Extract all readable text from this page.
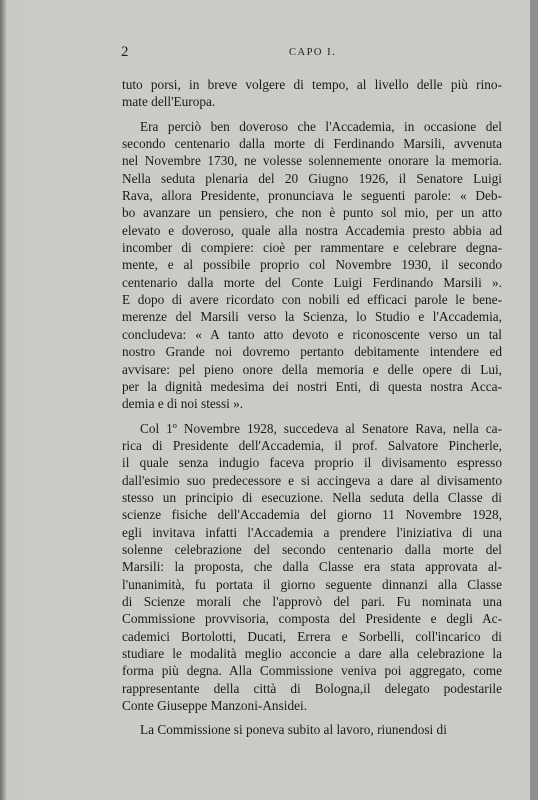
2	CAPO I.
tuto porsi, in breve volgere di tempo, al livello delle più rino-
mate dell'Europa.
Era perciò ben doveroso che l'Accademia, in occasione del
secondo centenario dalla morte di Ferdinando Marsili, avvenuta
nel Novembre 1730, ne volesse solennemente onorare la memoria.
Nella seduta plenaria del 20 Giugno 1926, il Senatore Luigi
Rava, allora Presidente, pronunciava le seguenti parole: « Deb-
bo avanzare un pensiero, che non è punto sol mio, per un atto
elevato e doveroso, quale alla nostra Accademia presto abbia ad
incomber di compiere: cioè per rammentare e celebrare degna-
mente, e al possibile proprio col Novembre 1930, il secondo
centenario dalla morte del Conte Luigi Ferdinando Marsili ».
E dopo di avere ricordato con nobili ed efficaci parole le bene-
merenze del Marsili verso la Scienza, lo Studio e l'Accademia,
concludeva: « A tanto atto devoto e riconoscente verso un tal
nostro Grande noi dovremo pertanto debitamente intendere ed
avvisare: pel pieno onore della memoria e delle opere di Lui,
per la dignità medesima dei nostri Enti, di questa nostra Acca-
demia e di noi stessi ».
Col 1º Novembre 1928, succedeva al Senatore Rava, nella ca-
rica di Presidente dell'Accademia, il prof. Salvatore Pincherle,
il quale senza indugio faceva proprio il divisamento espresso
dall'esimio suo predecessore e si accingeva a dare al divisamento
stesso un principio di esecuzione. Nella seduta della Classe di
scienze fisiche dell'Accademia del giorno 11 Novembre 1928,
egli invitava infatti l'Accademia a prendere l'iniziativa di una
solenne celebrazione del secondo centenario dalla morte del
Marsili: la proposta, che dalla Classe era stata approvata al-
l'unanimità, fu portata il giorno seguente dinnanzi alla Classe
di Scienze morali che l'approvò del pari. Fu nominata una
Commissione provvisoria, composta del Presidente e degli Ac-
cademici Bortolotti, Ducati, Errera e Sorbelli, coll'incarico di
studiare le modalità meglio acconcie a dare alla celebrazione la
forma più degna. Alla Commissione veniva poi aggregato, come
rappresentante della città di Bologna,il delegato podestarile
Conte Giuseppe Manzoni-Ansidei.
La Commissione si poneva subito al lavoro, riunendosi di
